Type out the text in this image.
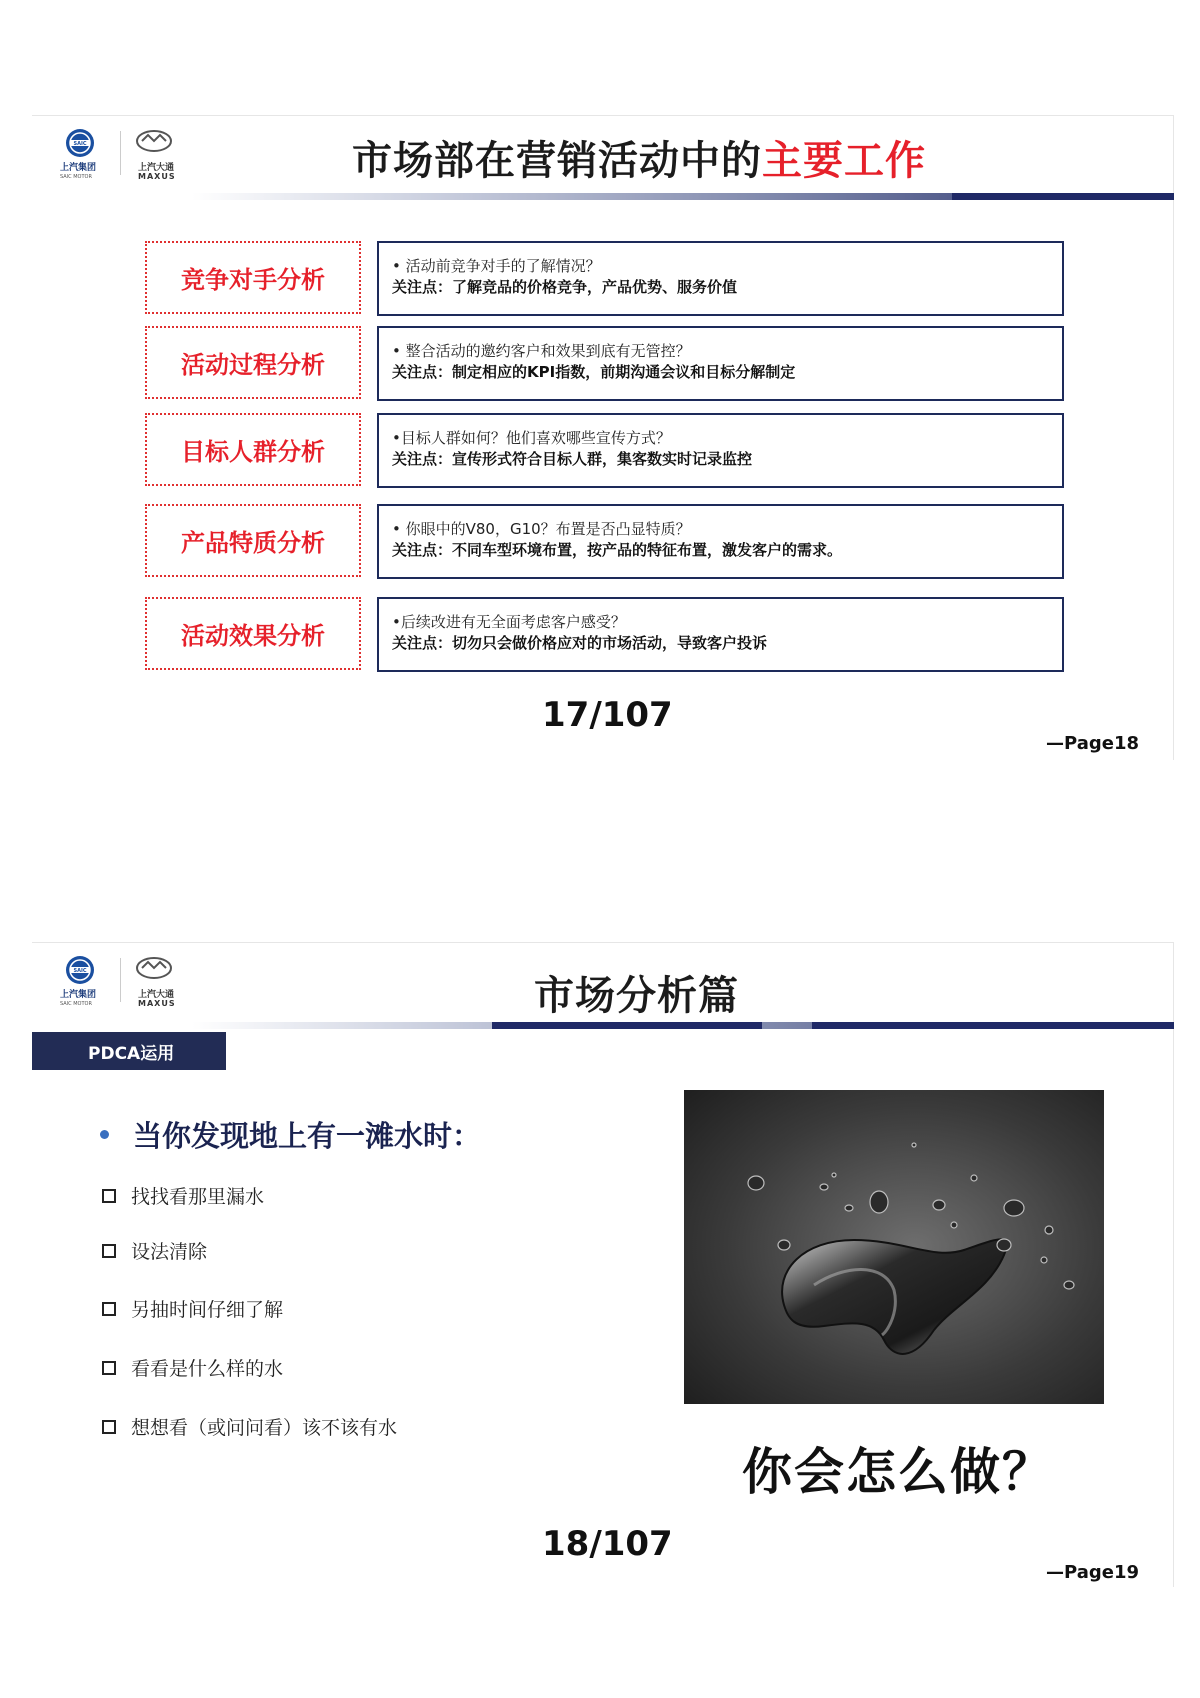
SAIC
上汽集团
SAIC MOTOR
上汽大通
MAXUS	市场部在营销活动中的主要工作
竞争对手分析	• 活动前竞争对手的了解情况？
关注点：了解竞品的价格竞争，产品优势、服务价值
活动过程分析	• 整合活动的邀约客户和效果到底有无管控？
关注点：制定相应的KPI指数，前期沟通会议和目标分解制定
目标人群分析	•目标人群如何？他们喜欢哪些宣传方式？
关注点：宣传形式符合目标人群，集客数实时记录监控
产品特质分析	• 你眼中的V80，G10？布置是否凸显特质？
关注点：不同车型环境布置，按产品的特征布置，激发客户的需求。
活动效果分析	•后续改进有无全面考虑客户感受？
关注点：切勿只会做价格应对的市场活动，导致客户投诉
17/107
—Page18
SAIC
上汽集团
SAIC MOTOR
上汽大通
MAXUS	市场分析篇
PDCA运用
当你发现地上有一滩水时：
找找看那里漏水
设法清除
另抽时间仔细了解
看看是什么样的水
想想看（或问问看）该不该有水
你会怎么做？
18/107
—Page19
